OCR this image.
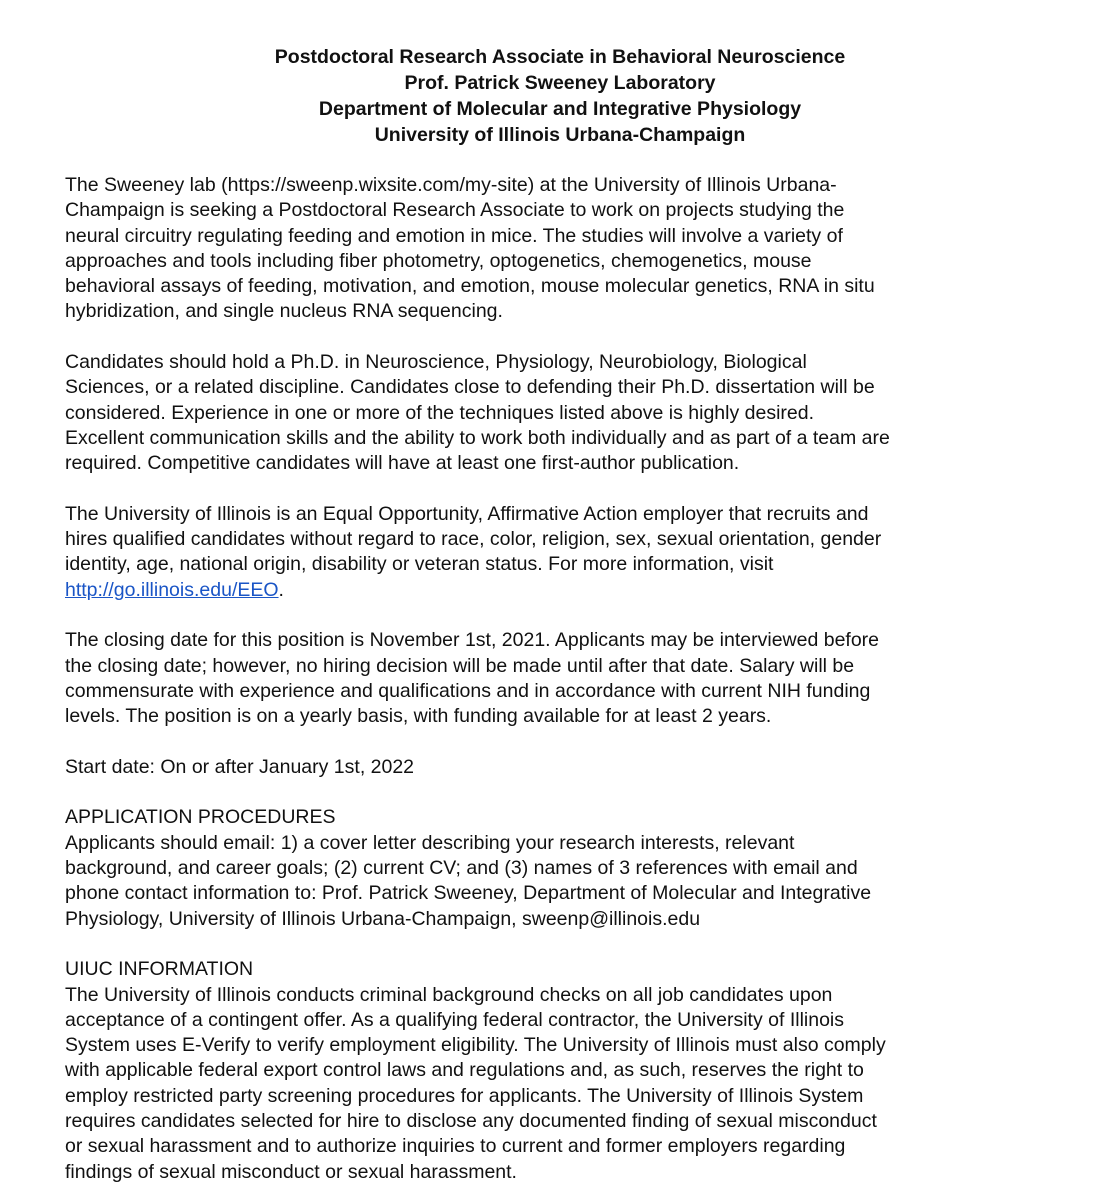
Postdoctoral Research Associate in Behavioral Neuroscience
Prof. Patrick Sweeney Laboratory
Department of Molecular and Integrative Physiology
University of Illinois Urbana-Champaign

The Sweeney lab (https://sweenp.wixsite.com/my-site) at the University of Illinois Urbana-
Champaign is seeking a Postdoctoral Research Associate to work on projects studying the
neural circuitry regulating feeding and emotion in mice. The studies will involve a variety of
approaches and tools including fiber photometry, optogenetics, chemogenetics, mouse
behavioral assays of feeding, motivation, and emotion, mouse molecular genetics, RNA in situ
hybridization, and single nucleus RNA sequencing.

Candidates should hold a Ph.D. in Neuroscience, Physiology, Neurobiology, Biological
Sciences, or a related discipline. Candidates close to defending their Ph.D. dissertation will be
considered. Experience in one or more of the techniques listed above is highly desired.
Excellent communication skills and the ability to work both individually and as part of a team are
required. Competitive candidates will have at least one first-author publication.

The University of Illinois is an Equal Opportunity, Affirmative Action employer that recruits and
hires qualified candidates without regard to race, color, religion, sex, sexual orientation, gender
identity, age, national origin, disability or veteran status. For more information, visit
http://go.illinois.edu/EEO.

The closing date for this position is November 1st, 2021. Applicants may be interviewed before
the closing date; however, no hiring decision will be made until after that date. Salary will be
commensurate with experience and qualifications and in accordance with current NIH funding
levels. The position is on a yearly basis, with funding available for at least 2 years.

Start date: On or after January 1st, 2022

APPLICATION PROCEDURES

Applicants should email: 1) a cover letter describing your research interests, relevant
background, and career goals; (2) current CV; and (3) names of 3 references with email and
phone contact information to: Prof. Patrick Sweeney, Department of Molecular and Integrative
Physiology, University of Illinois Urbana-Champaign, sweenp@illinois.edu

UIUC INFORMATION

The University of Illinois conducts criminal background checks on all job candidates upon
acceptance of a contingent offer. As a qualifying federal contractor, the University of Illinois
System uses E-Verify to verify employment eligibility. The University of Illinois must also comply
with applicable federal export control laws and regulations and, as such, reserves the right to
employ restricted party screening procedures for applicants. The University of Illinois System
requires candidates selected for hire to disclose any documented finding of sexual misconduct
or sexual harassment and to authorize inquiries to current and former employers regarding
findings of sexual misconduct or sexual harassment.
